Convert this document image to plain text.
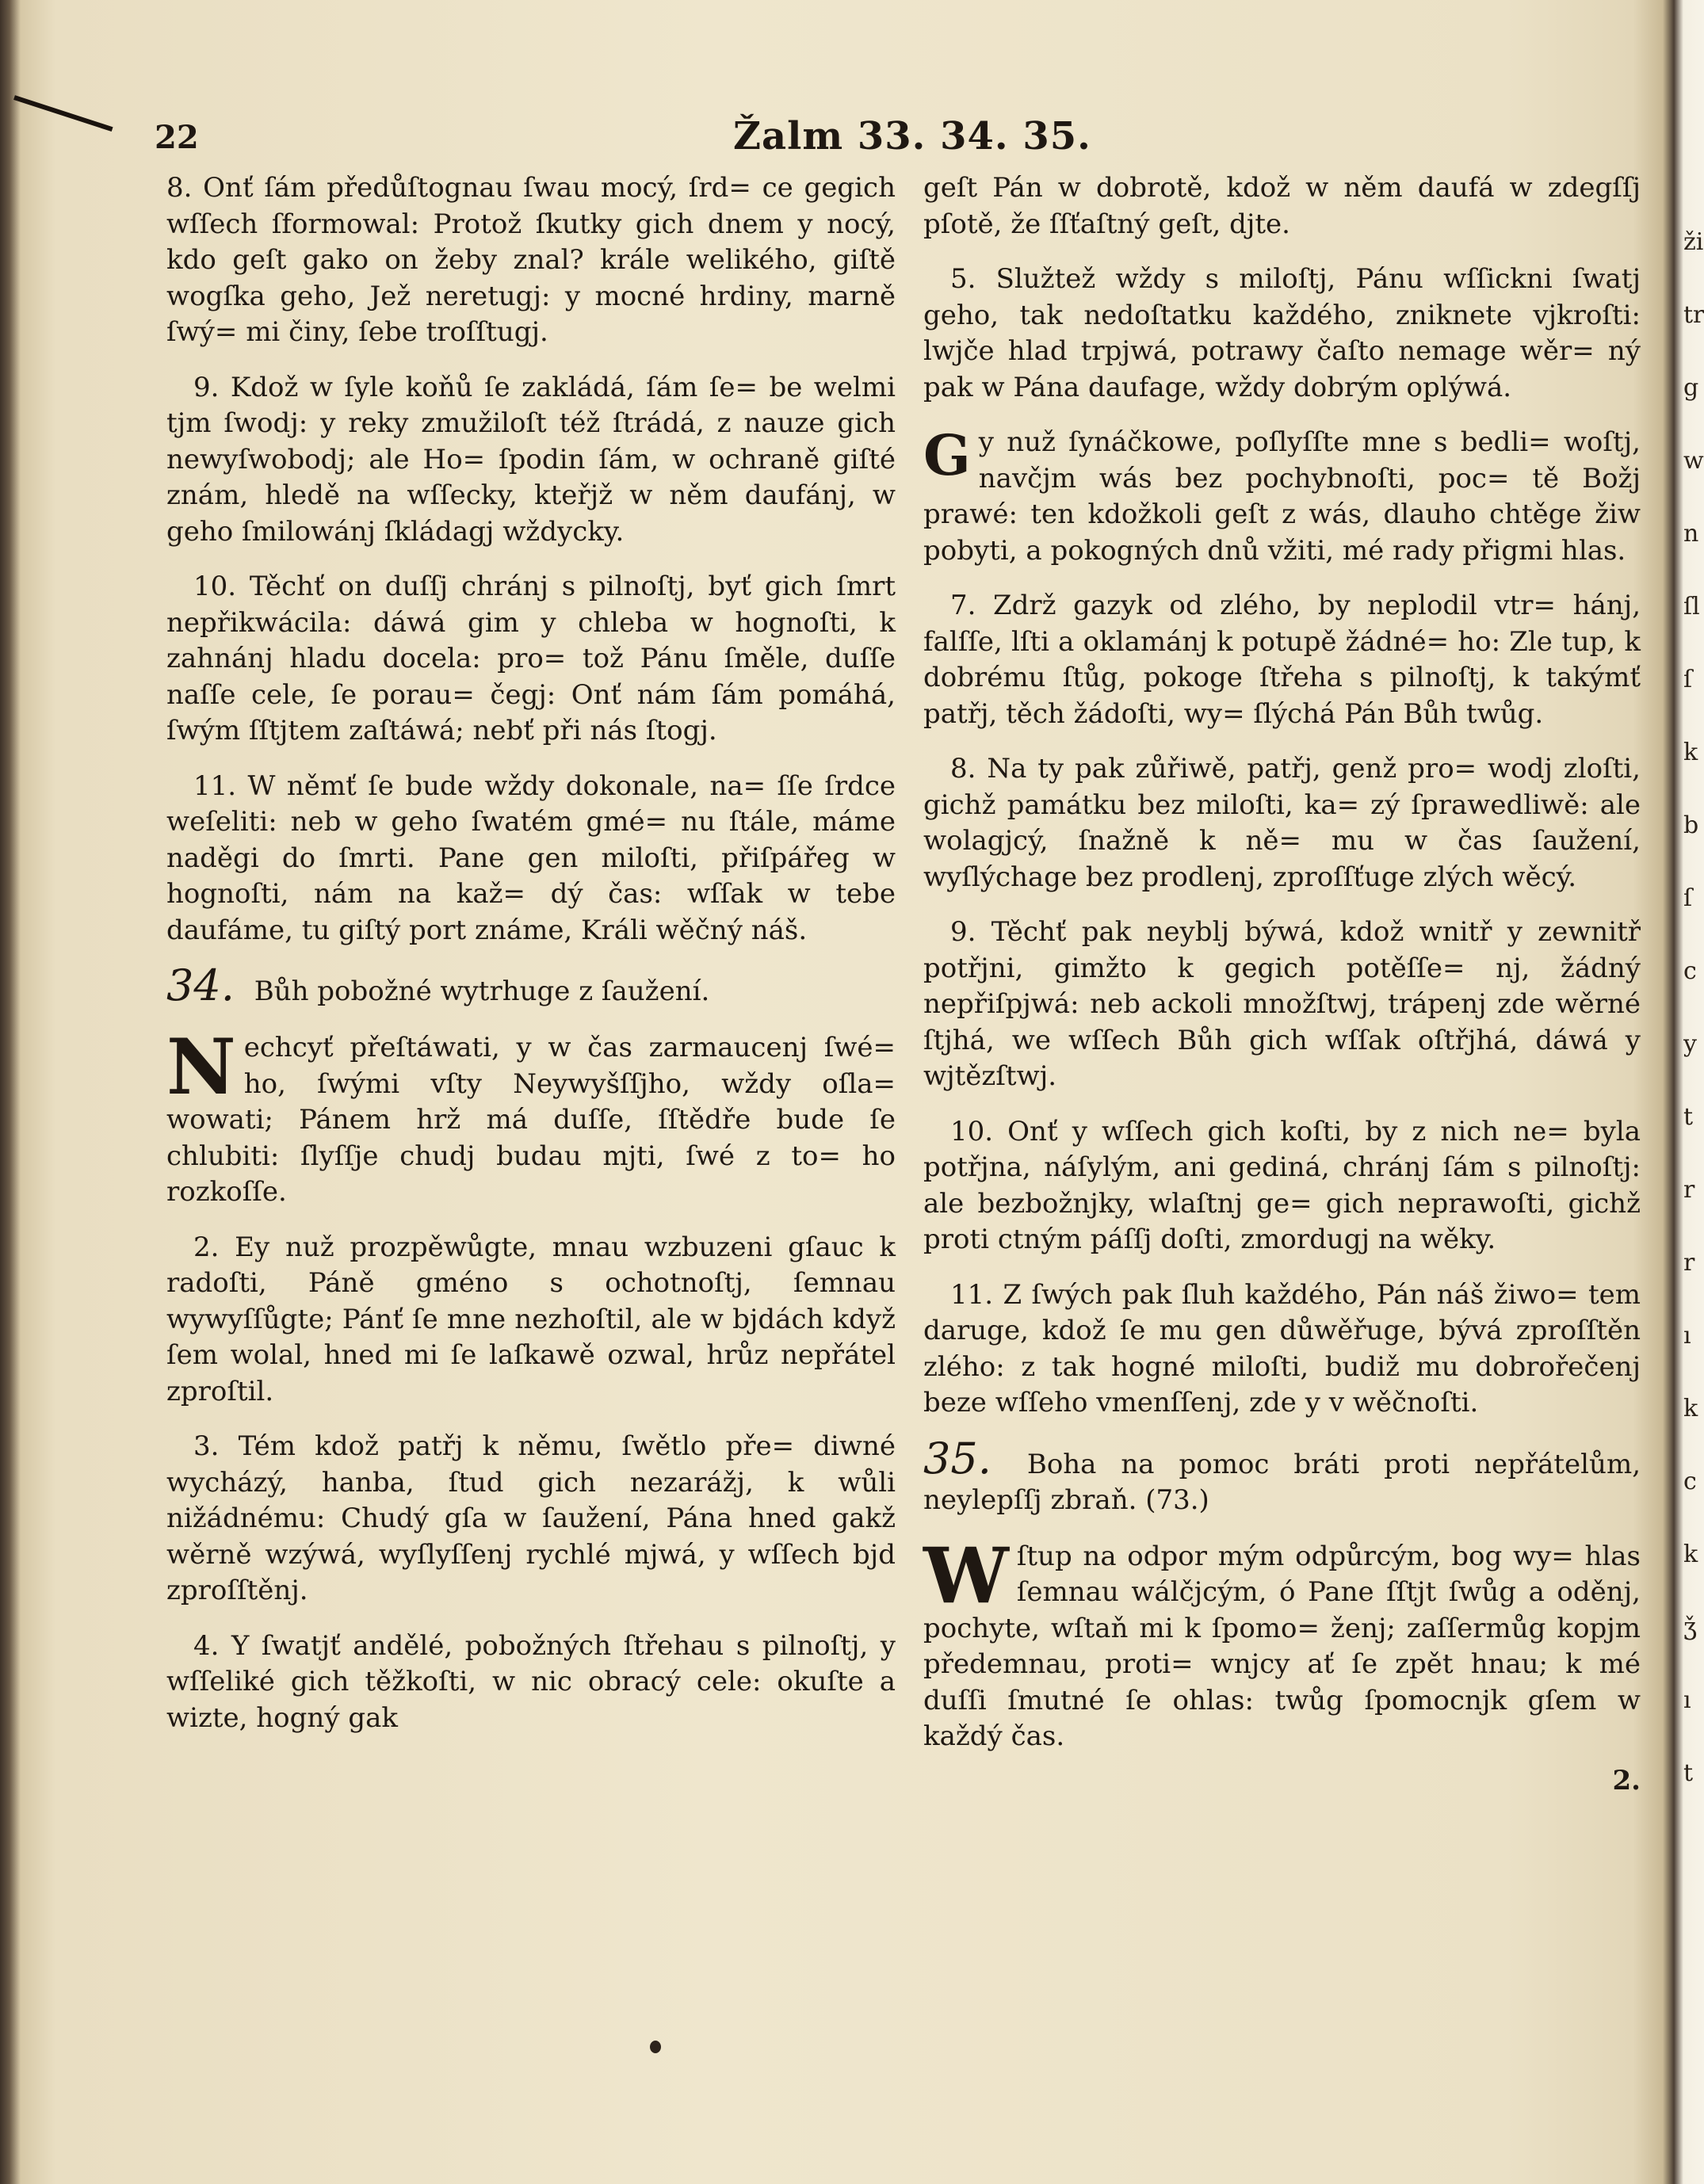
22	Žalm 33. 34. 35.

8. Onť ſám předůſtognau ſwau mocý, ſrd= ce gegich wſſech ſformowal: Protož ſkutky gich dnem y nocý, kdo geſt gako on žeby znal? krále welikého, giſtě wogſka geho, Jež neretugj: y mocné hrdiny, marně ſwý= mi činy, ſebe troſſtugj.

9. Kdož w ſyle koňů ſe zakládá, ſám ſe= be welmi tjm ſwodj: y reky zmužiloſt též ſtrádá, z nauze gich newyſwobodj; ale Ho= ſpodin ſám, w ochraně giſté znám, hledě na wſſecky, kteřjž w něm daufánj, w geho ſmilowánj ſkládagj wždycky.

10. Těchť on duſſj chránj s pilnoſtj, byť gich ſmrt nepřikwácila: dáwá gim y chleba w hognoſti, k zahnánj hladu docela: pro= tož Pánu ſměle, duſſe naſſe cele, ſe porau= čegj: Onť nám ſám pomáhá, ſwým ſſtjtem zaſtáwá; nebť při nás ſtogj.

11. W němť ſe bude wždy dokonale, na= ſſe ſrdce weſeliti: neb w geho ſwatém gmé= nu ſtále, máme naděgi do ſmrti. Pane gen miloſti, přiſpářeg w hognoſti, nám na kaž= dý čas: wſſak w tebe daufáme, tu giſtý port známe, Králi wěčný náš.

34. Bůh pobožné wytrhuge z ſaužení.

N echcyť přeſtáwati, y w čas zarmaucenj ſwé= ho, ſwými vſty Neywyšſſjho, wždy oſla= wowati; Pánem hrž má duſſe, ſſtědře bude ſe chlubiti: ſlyſſje chudj budau mjti, ſwé z to= ho rozkoſſe.

2. Ey nuž prozpěwůgte, mnau wzbuzeni gſauc k radoſti, Páně gméno s ochotnoſtj, ſemnau wywyſſůgte; Pánť ſe mne nezhoſtil, ale w bjdách když ſem wolal, hned mi ſe laſkawě ozwal, hrůz nepřátel zproſtil.

3. Tém kdož patřj k němu, ſwětlo pře= diwné wycházý, hanba, ſtud gich nezarážj, k wůli nižádnému: Chudý gſa w ſaužení, Pána hned gakž wěrně wzýwá, wyſlyſſenj rychlé mjwá, y wſſech bjd zproſſtěnj.

4. Y ſwatjť andělé, pobožných ſtřehau s pilnoſtj, y wſſeliké gich těžkoſti, w nic obracý cele: okuſte a wizte, hogný gak

geſt Pán w dobrotě, kdož w něm daufá w zdegſſj pſotě, že ſſťaſtný geſt, djte.

5. Služtež wždy s miloſtj, Pánu wſſickni ſwatj geho, tak nedoſtatku každého, zniknete vjkroſti: lwjče hlad trpjwá, potrawy čaſto nemage wěr= ný pak w Pána daufage, wždy dobrým oplýwá.

G y nuž ſynáčkowe, poſlyſſte mne s bedli= woſtj, navčjm wás bez pochybnoſti, poc= tě Božj prawé: ten kdožkoli geſt z wás, dlauho chtěge žiw pobyti, a pokogných dnů vžiti, mé rady přigmi hlas.

7. Zdrž gazyk od zlého, by neplodil vtr= hánj, falſſe, lſti a oklamánj k potupě žádné= ho: Zle tup, k dobrému ſtůg, pokoge ſtřeha s pilnoſtj, k takýmť patřj, těch žádoſti, wy= ſlýchá Pán Bůh twůg.

8. Na ty pak zůřiwě, patřj, genž pro= wodj zloſti, gichž památku bez miloſti, ka= zý ſprawedliwě: ale wolagjcý, ſnažně k ně= mu w čas ſaužení, wyſlýchage bez prodlenj, zproſſťuge zlých wěcý.

9. Těchť pak neyblj býwá, kdož wnitř y zewnitř potřjni, gimžto k gegich potěſſe= nj, žádný nepřiſpjwá: neb ackoli množſtwj, trápenj zde wěrné ſtjhá, we wſſech Bůh gich wſſak oſtřjhá, dáwá y wjtězſtwj.

10. Onť y wſſech gich koſti, by z nich ne= byla potřjna, náſylým, ani gediná, chránj ſám s pilnoſtj: ale bezbožnjky, wlaſtnj ge= gich neprawoſti, gichž proti ctným páſſj doſti, zmordugj na wěky.

11. Z ſwých pak ſluh každého, Pán náš žiwo= tem daruge, kdož ſe mu gen důwěřuge, bývá zproſſtěn zlého: z tak hogné miloſti, budiž mu dobrořečenj beze wſſeho vmenſſenj, zde y v wěčnoſti.

35. Boha na pomoc bráti proti nepřátelům, neylepſſj zbraň. (73.)

W ſtup na odpor mým odpůrcým, bog wy= hlas ſemnau wálčjcým, ó Pane ſſtjt ſwůg a oděnj, pochyte, wſtaň mi k ſpomo= ženj; zaſſermůg kopjm předemnau, proti= wnjcy ať ſe zpět hnau; k mé duſſi ſmutné ſe ohlas: twůg ſpomocnjk gſem w každý čas.

2.
ži
tr
g
w
n
ſl
ſ
k
b
ſ
c
y
t
r
r
ı
k
c
k
ǯ
ı
t
